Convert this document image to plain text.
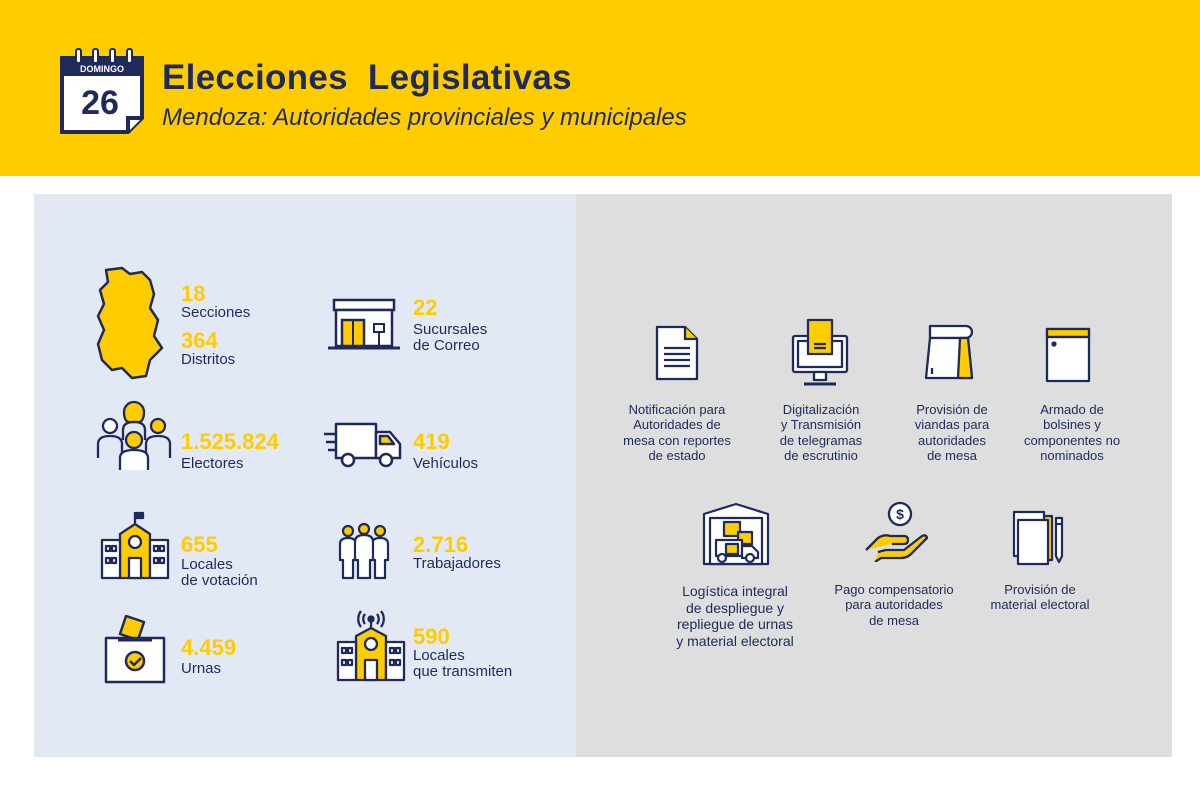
DOMINGO
26
Elecciones  Legislativas
Mendoza: Autoridades provinciales y municipales
18
Secciones
364
Distritos
22
Sucursales
de Correo
1.525.824
Electores
419
Vehículos
655
Locales
de votación
2.716
Trabajadores
4.459
Urnas
590
Locales
que transmiten
Notificación para
Autoridades de
mesa con reportes
de estado
Digitalización
y Transmisión
de telegramas
de escrutinio
Provisión de
viandas para
autoridades
de mesa
Armado de
bolsines y
componentes no
nominados
Logística integral
de despliegue y
repliegue de urnas
y material electoral
$
Pago compensatorio
para autoridades
de mesa
Provisión de
material electoral
